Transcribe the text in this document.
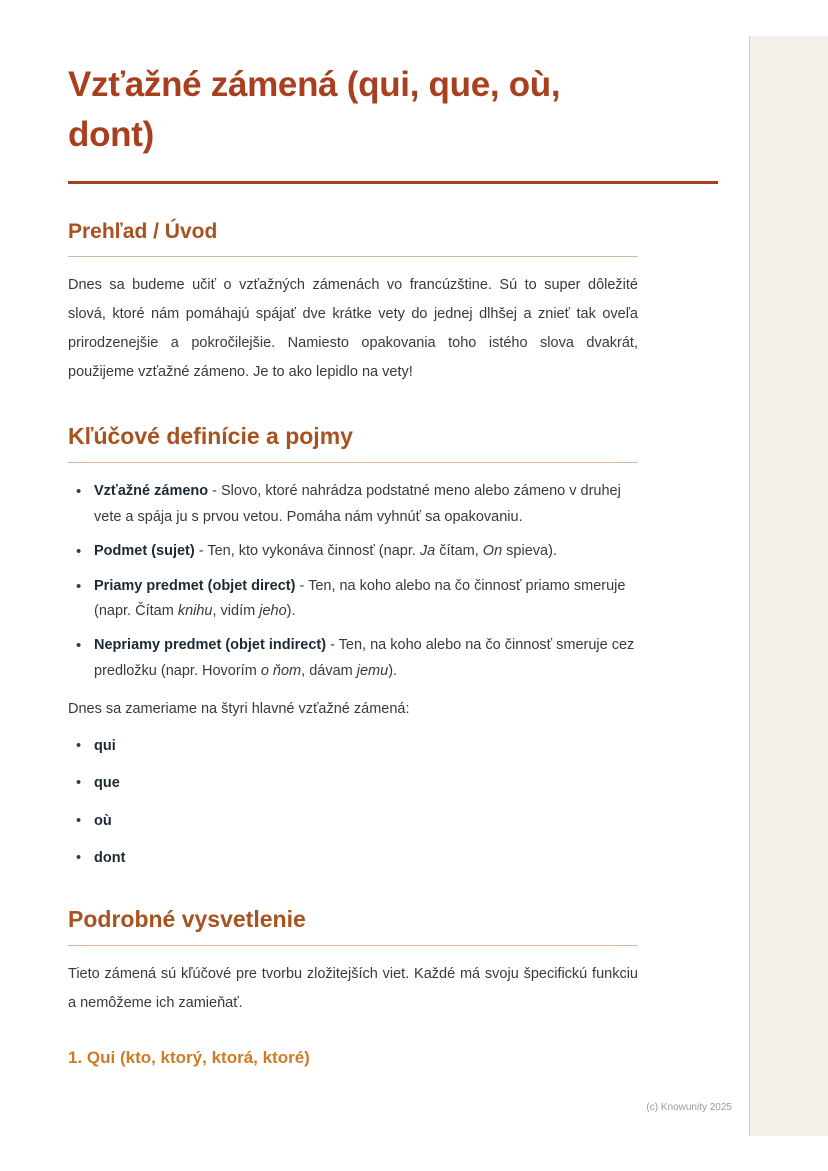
Vzťažné zámená (qui, que, où, dont)
Prehľad / Úvod

Dnes sa budeme učiť o vzťažných zámenách vo francúzštine. Sú to super dôležité slová, ktoré nám pomáhajú spájať dve krátke vety do jednej dlhšej a znieť tak oveľa prirodzenejšie a pokročilejšie. Namiesto opakovania toho istého slova dvakrát, použijeme vzťažné zámeno. Je to ako lepidlo na vety!

Kľúčové definície a pojmy
• Vzťažné zámeno - Slovo, ktoré nahrádza podstatné meno alebo zámeno v druhej vete a spája ju s prvou vetou. Pomáha nám vyhnúť sa opakovaniu.
• Podmet (sujet) - Ten, kto vykonáva činnosť (napr. Ja čítam, On spieva).
• Priamy predmet (objet direct) - Ten, na koho alebo na čo činnosť priamo smeruje (napr. Čítam knihu, vidím jeho).
• Nepriamy predmet (objet indirect) - Ten, na koho alebo na čo činnosť smeruje cez predložku (napr. Hovorím o ňom, dávam jemu).

Dnes sa zameriame na štyri hlavné vzťažné zámená:

• qui
• que
• où
• dont
Podrobné vysvetlenie

Tieto zámená sú kľúčové pre tvorbu zložitejších viet. Každé má svoju špecifickú funkciu a nemôžeme ich zamieňať.

1. Qui (kto, ktorý, ktorá, ktoré)
(c) Knowunity 2025
